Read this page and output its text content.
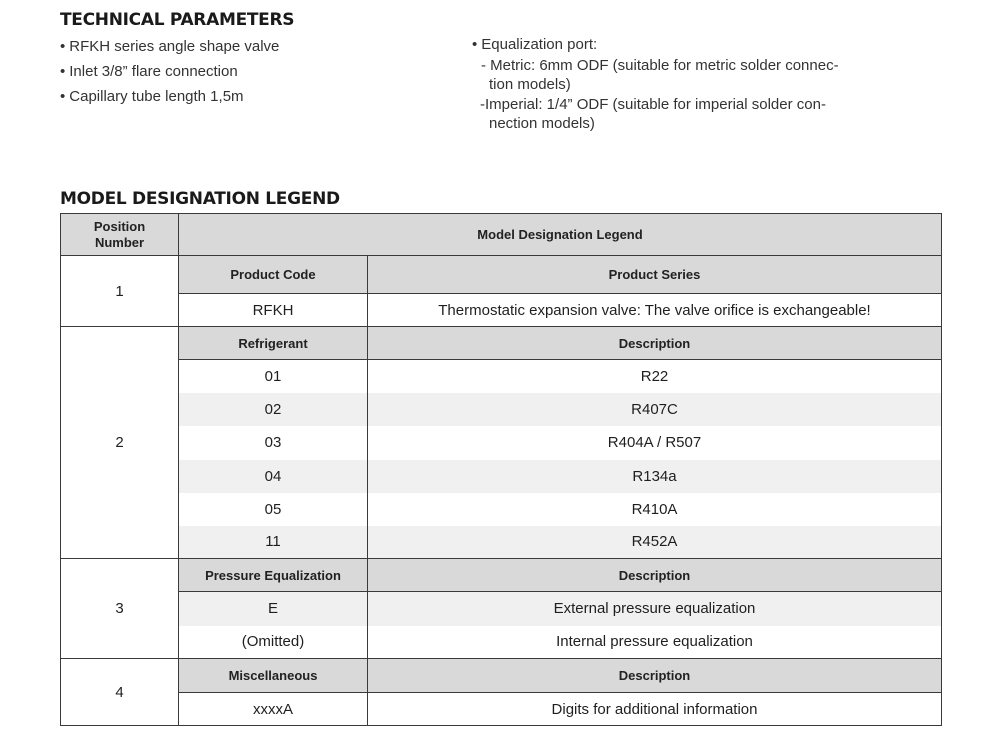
TECHNICAL PARAMETERS
• RFKH series angle shape valve
• Inlet 3/8” flare connection
• Capillary tube length 1,5m
• Equalization port:
- Metric: 6mm ODF (suitable for metric solder connec-
tion models)
-Imperial: 1/4” ODF (suitable for imperial solder con-
nection models)
MODEL DESIGNATION LEGEND
Position Number	Model Designation Legend	
1	Product Code	Product Series
	RFKH	Thermostatic expansion valve: The valve orifice is exchangeable!
2	Refrigerant	Description
	01	R22
	02	R407C
	03	R404A / R507
	04	R134a
	05	R410A
	11	R452A
3	Pressure Equalization	Description
	E	External pressure equalization
	(Omitted)	Internal pressure equalization
4	Miscellaneous	Description
	xxxxA	Digits for additional information
